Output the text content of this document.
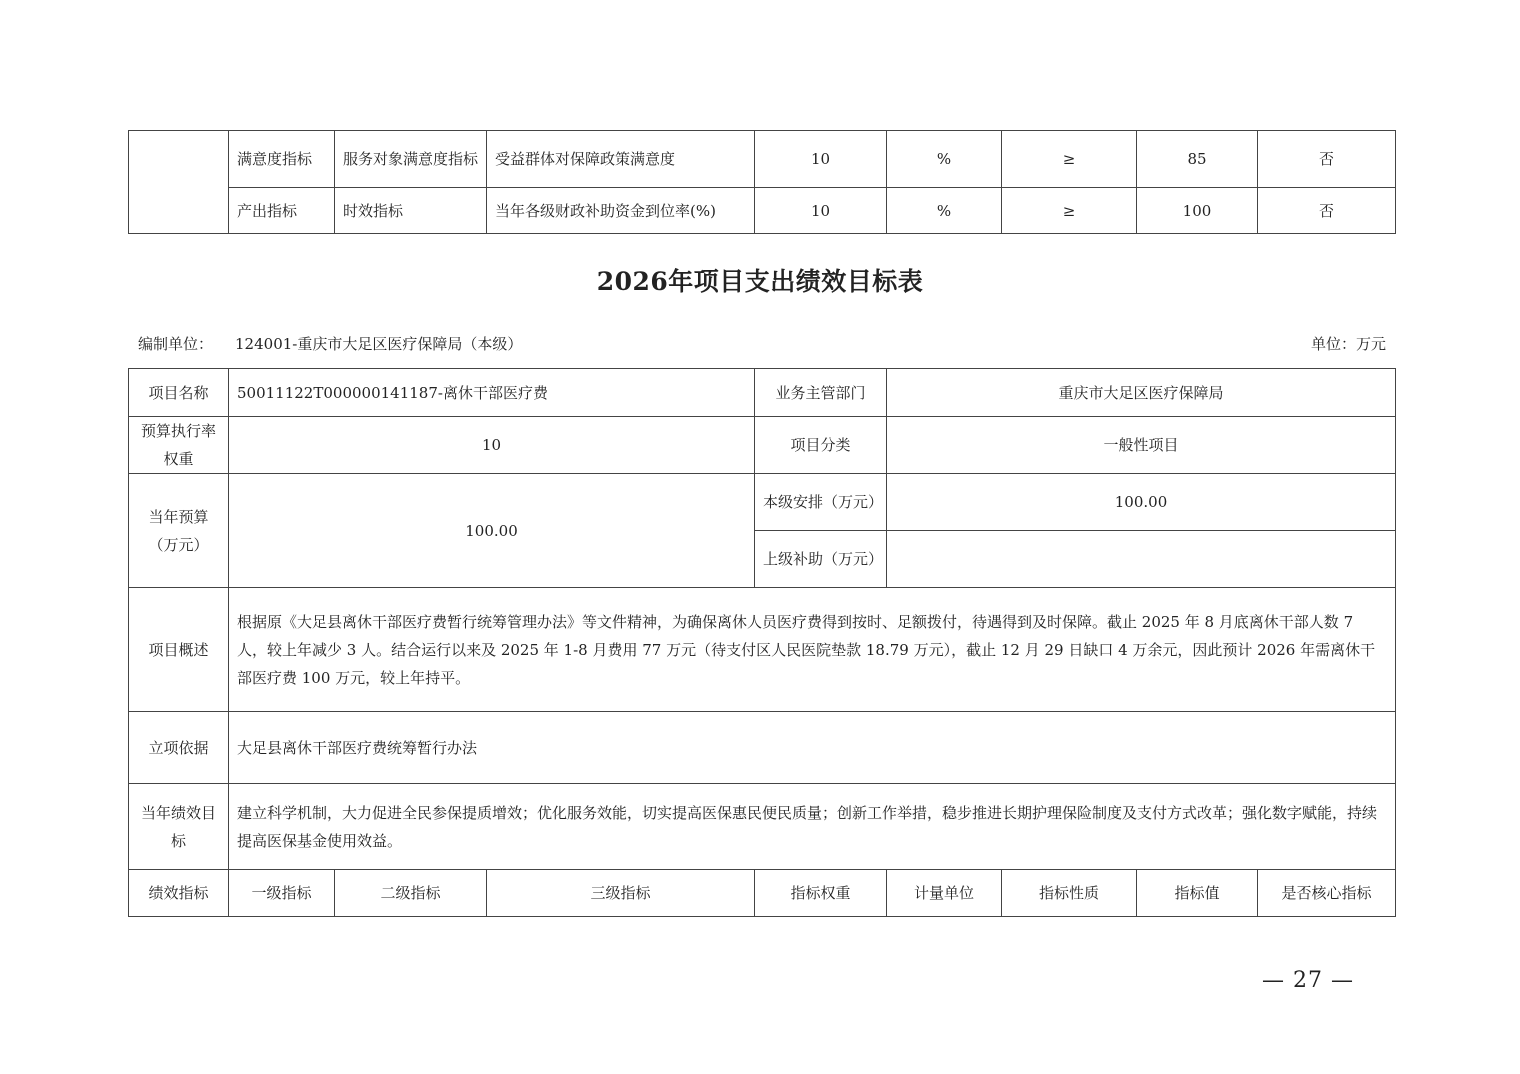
	满意度指标	服务对象满意度指标	受益群体对保障政策满意度	10	%	≥	85	否
	产出指标	时效指标	当年各级财政补助资金到位率(%)	10	%	≥	100	否
2026年项目支出绩效目标表
编制单位： 124001-重庆市大足区医疗保障局（本级）	单位：万元
项目名称	50011122T000000141187-离休干部医疗费			业务主管部门	重庆市大足区医疗保障局			
预算执行率权重	10			项目分类	一般性项目			
当年预算（万元）	100.00			本级安排（万元）	100.00			
				上级补助（万元）				
项目概述	根据原《大足县离休干部医疗费暂行统筹管理办法》等文件精神，为确保离休人员医疗费得到按时、足额拨付，待遇得到及时保障。截止 2025 年 8 月底离休干部人数 7 人，较上年减少 3 人。结合运行以来及 2025 年 1-8 月费用 77 万元（待支付区人民医院垫款 18.79 万元），截止 12 月 29 日缺口 4 万余元，因此预计 2026 年需离休干部医疗费 100 万元，较上年持平。							
立项依据	大足县离休干部医疗费统筹暂行办法							
当年绩效目标	建立科学机制，大力促进全民参保提质增效；优化服务效能，切实提高医保惠民便民质量；创新工作举措，稳步推进长期护理保险制度及支付方式改革；强化数字赋能，持续提高医保基金使用效益。							
绩效指标	一级指标	二级指标	三级指标	指标权重	计量单位	指标性质	指标值	是否核心指标
— 27 —
